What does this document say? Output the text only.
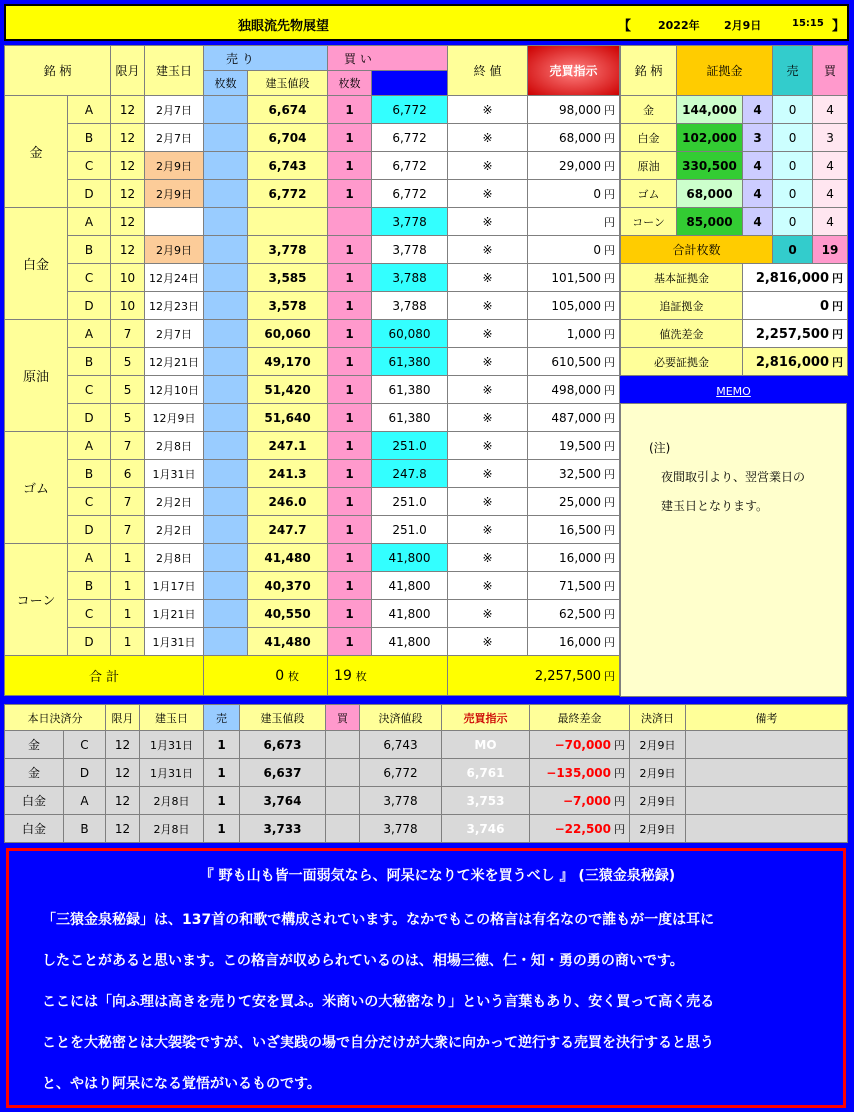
独眼流先物展望	【 2022年 2月9日	15:15 】
銘 柄		限月	建玉日	売 り		買 い		終 値	売買指示	
				枚数	建玉値段	枚数				
金	A	12	2月7日		6,674	1	6,772	※	98,000 円	
	B	12	2月7日		6,704	1	6,772	※	68,000 円	
	C	12	2月9日		6,743	1	6,772	※	29,000 円	
	D	12	2月9日		6,772	1	6,772	※	0 円	
白金	A	12					3,778	※	円	
	B	12	2月9日		3,778	1	3,778	※	0 円	
	C	10	12月24日		3,585	1	3,788	※	101,500 円	
	D	10	12月23日		3,578	1	3,788	※	105,000 円	
原油	A	7	2月7日		60,060	1	60,080	※	1,000 円	
	B	5	12月21日		49,170	1	61,380	※	610,500 円	
	C	5	12月10日		51,420	1	61,380	※	498,000 円	
	D	5	12月9日		51,640	1	61,380	※	487,000 円	
ゴム	A	7	2月8日		247.1	1	251.0	※	19,500 円	
	B	6	1月31日		241.3	1	247.8	※	32,500 円	
	C	7	2月2日		246.0	1	251.0	※	25,000 円	
	D	7	2月2日		247.7	1	251.0	※	16,500 円	
コーン	A	1	2月8日		41,480	1	41,800	※	16,000 円	
	B	1	1月17日		40,370	1	41,800	※	71,500 円	
	C	1	1月21日		40,550	1	41,800	※	62,500 円	
	D	1	1月31日		41,480	1	41,800	※	16,000 円	
合 計				0 枚		19 枚		2,257,500 円		
銘 柄	証拠金		売	買
金	144,000	4	0	4
白金	102,000	3	0	3
原油	330,500	4	0	4
ゴム	68,000	4	0	4
コーン	85,000	4	0	4
合計枚数			0	19
基本証拠金		2,816,000 円		
追証拠金		0 円		
値洗差金		2,257,500 円		
必要証拠金		2,816,000 円		
MEMO
(注)
　夜間取引より、翌営業日の
　建玉日となります。
本日決済分		限月	建玉日	売	建玉値段	買	決済値段	売買指示	最終差金	決済日	備考
金	C	12	1月31日	1	6,673		6,743	MO	−70,000 円	2月9日	
金	D	12	1月31日	1	6,637		6,772	6,761	−135,000 円	2月9日	
白金	A	12	2月8日	1	3,764		3,778	3,753	−7,000 円	2月9日	
白金	B	12	2月8日	1	3,733		3,778	3,746	−22,500 円	2月9日	
『 野も山も皆一面弱気なら、阿呆になりて米を買うべし 』 (三猿金泉秘録)
「三猿金泉秘録」は、137首の和歌で構成されています。なかでもこの格言は有名なので誰もが一度は耳に
したことがあると思います。この格言が収められているのは、相場三徳、仁・知・勇の勇の商いです。
ここには「向ふ理は高きを売りて安を買ふ。米商いの大秘密なり」という言葉もあり、安く買って高く売る
ことを大秘密とは大袈裟ですが、いざ実践の場で自分だけが大衆に向かって逆行する売買を決行すると思う
と、やはり阿呆になる覚悟がいるものです。
